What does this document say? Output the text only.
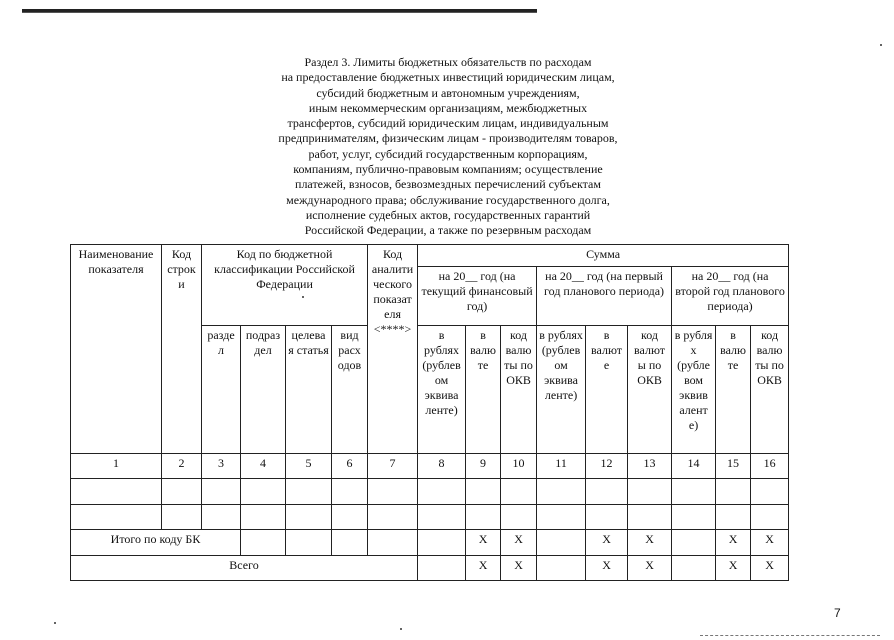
Раздел 3. Лимиты бюджетных обязательств по расходам
на предоставление бюджетных инвестиций юридическим лицам,
субсидий бюджетным и автономным учреждениям,
иным некоммерческим организациям, межбюджетных
трансфертов, субсидий юридическим лицам, индивидуальным
предпринимателям, физическим лицам - производителям товаров,
работ, услуг, субсидий государственным корпорациям,
компаниям, публично-правовым компаниям; осуществление
платежей, взносов, безвозмездных перечислений субъектам
международного права; обслуживание государственного долга,
исполнение судебных актов, государственных гарантий
Российской Федерации, а также по резервным расходам
Наименование показателя	Код строк и	Код по бюджетной классификации Российской Федерации				Код аналити ческого показат еля <****>	Сумма								
							на 20__ год (на текущий финансовый год)			на 20__ год (на первый год планового периода)			на 20__ год (на второй год планового периода)		
		разде л	подраз дел	целева я статья	вид расх одов		в рублях (рублев ом эквива ленте)	в валю те	код валю ты по ОКВ	в рублях (рублев ом эквива ленте)	в валют е	код валют ы по ОКВ	в рубля х (рубле вом эквив алент е)	в валю те	код валю ты по ОКВ
1	2	3	4	5	6	7	8	9	10	11	12	13	14	15	16

Итого по коду БК								X	X		X	X		X	X
Всего								X	X		X	X		X	X
7
